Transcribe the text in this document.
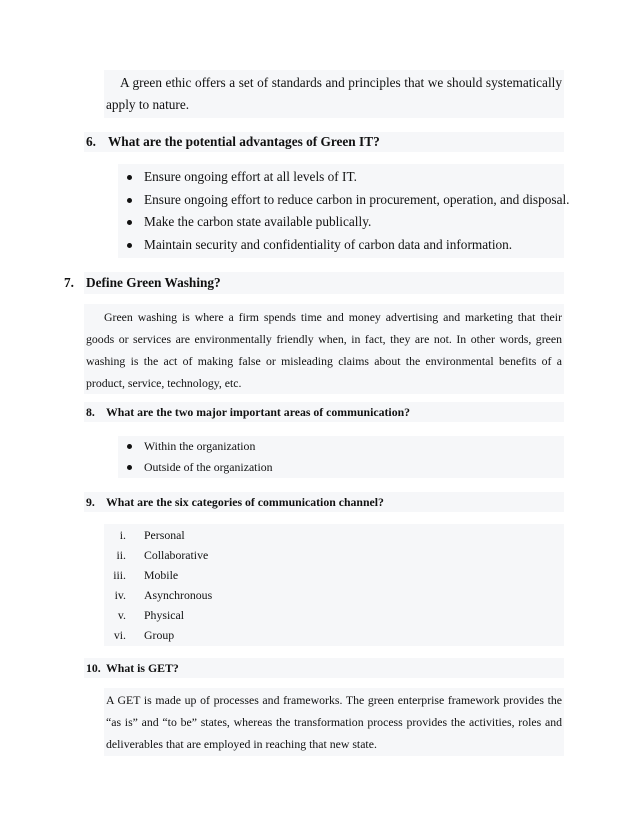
A green ethic offers a set of standards and principles that we should systematically apply to nature.

6. What are the potential advantages of Green IT?
Ensure ongoing effort at all levels of IT.
Ensure ongoing effort to reduce carbon in procurement, operation, and disposal.
Make the carbon state available publically.
Maintain security and confidentiality of carbon data and information.
7. Define Green Washing?

Green washing is where a firm spends time and money advertising and marketing that their goods or services are environmentally friendly when, in fact, they are not. In other words, green washing is the act of making false or misleading claims about the environmental benefits of a product, service, technology, etc.

8. What are the two major important areas of communication?
Within the organization
Outside of the organization
9. What are the six categories of communication channel?
i. Personal
ii. Collaborative
iii. Mobile
iv. Asynchronous
v. Physical
vi. Group
10. What is GET?

A GET is made up of processes and frameworks. The green enterprise framework provides the “as is” and “to be” states, whereas the transformation process provides the activities, roles and deliverables that are employed in reaching that new state.
